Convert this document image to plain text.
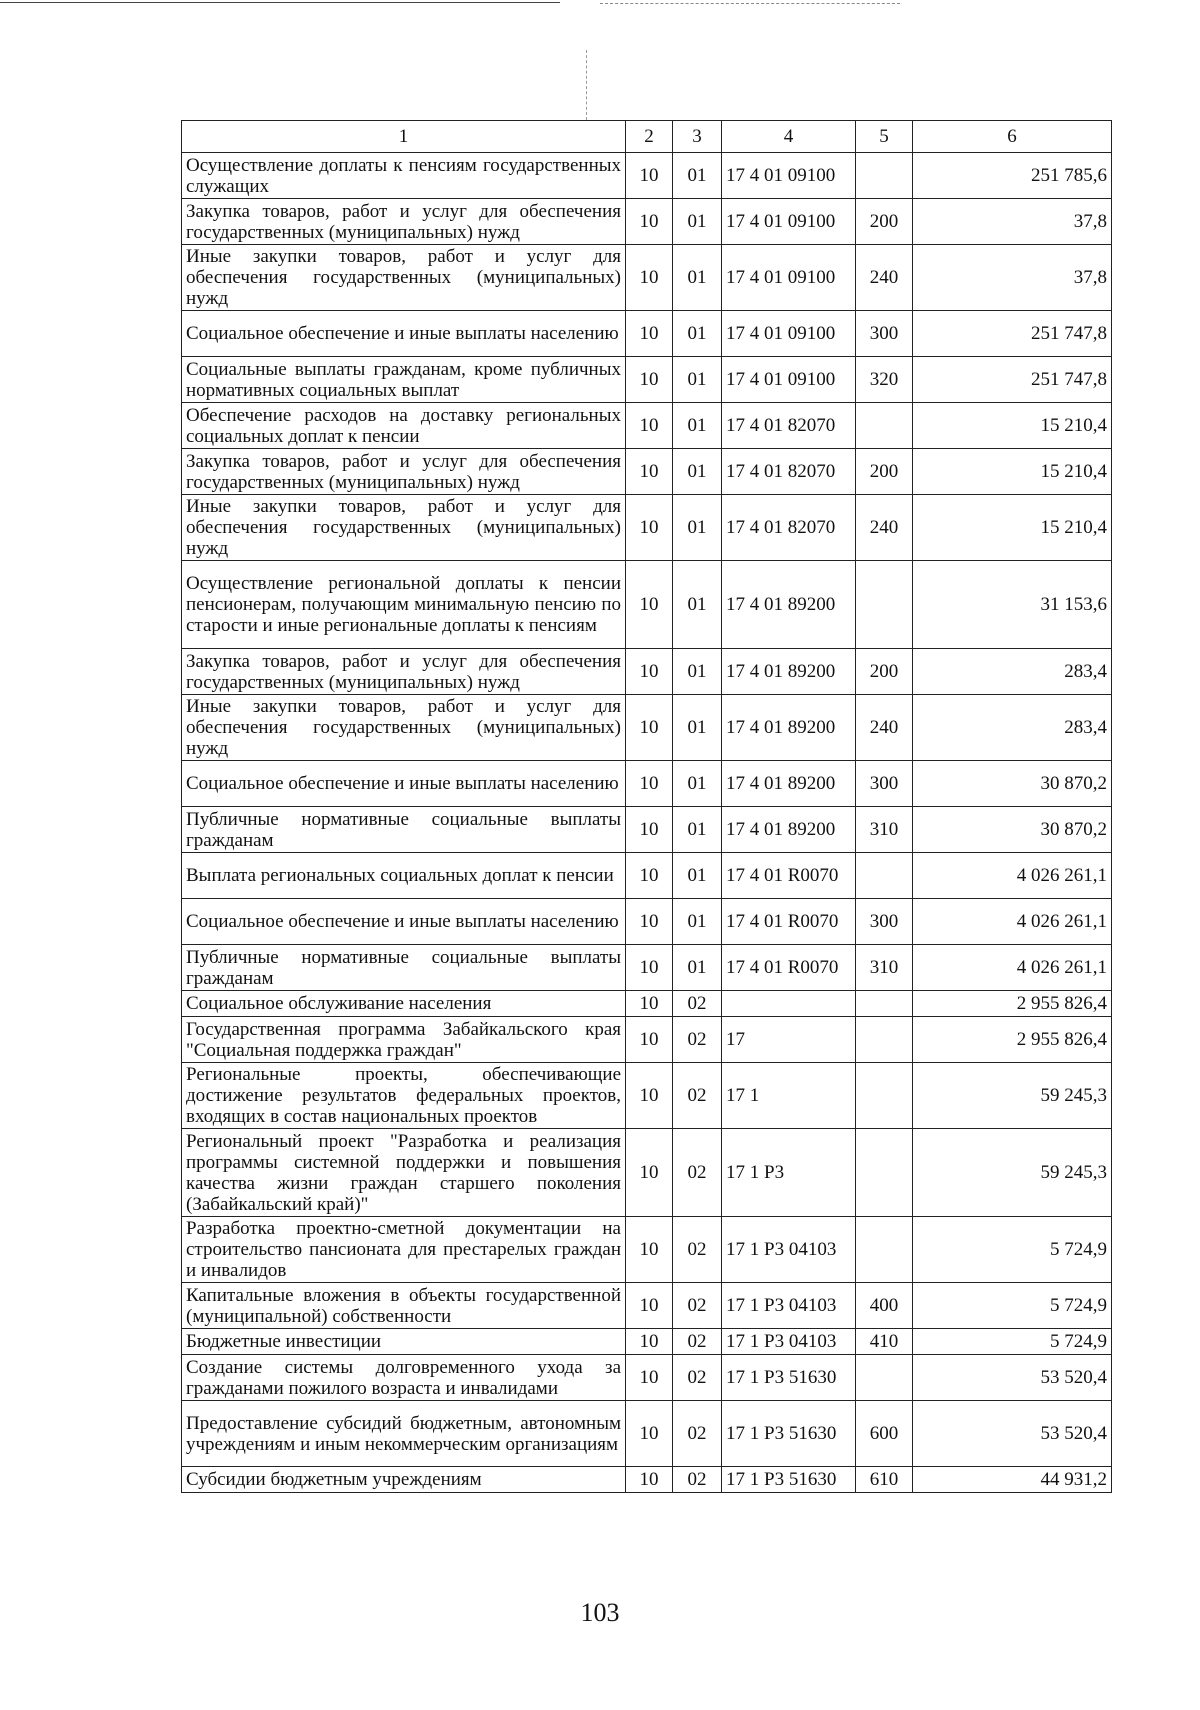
1	2	3	4	5	6
Осуществление доплаты к пенсиям государственных служащих	10	01	17 4 01 09100		251 785,6
Закупка товаров, работ и услуг для обеспечения государственных (муниципальных) нужд	10	01	17 4 01 09100	200	37,8
Иные закупки товаров, работ и услуг для обеспечения государственных (муниципальных) нужд	10	01	17 4 01 09100	240	37,8
Социальное обеспечение и иные выплаты населению	10	01	17 4 01 09100	300	251 747,8
Социальные выплаты гражданам, кроме публичных нормативных социальных выплат	10	01	17 4 01 09100	320	251 747,8
Обеспечение расходов на доставку региональных социальных доплат к пенсии	10	01	17 4 01 82070		15 210,4
Закупка товаров, работ и услуг для обеспечения государственных (муниципальных) нужд	10	01	17 4 01 82070	200	15 210,4
Иные закупки товаров, работ и услуг для обеспечения государственных (муниципальных) нужд	10	01	17 4 01 82070	240	15 210,4
Осуществление региональной доплаты к пенсии пенсионерам, получающим минимальную пенсию по старости и иные региональные доплаты к пенсиям	10	01	17 4 01 89200		31 153,6
Закупка товаров, работ и услуг для обеспечения государственных (муниципальных) нужд	10	01	17 4 01 89200	200	283,4
Иные закупки товаров, работ и услуг для обеспечения государственных (муниципальных) нужд	10	01	17 4 01 89200	240	283,4
Социальное обеспечение и иные выплаты населению	10	01	17 4 01 89200	300	30 870,2
Публичные нормативные социальные выплаты гражданам	10	01	17 4 01 89200	310	30 870,2
Выплата региональных социальных доплат к пенсии	10	01	17 4 01 R0070		4 026 261,1
Социальное обеспечение и иные выплаты населению	10	01	17 4 01 R0070	300	4 026 261,1
Публичные нормативные социальные выплаты гражданам	10	01	17 4 01 R0070	310	4 026 261,1
Социальное обслуживание населения	10	02			2 955 826,4
Государственная программа Забайкальского края "Социальная поддержка граждан"	10	02	17		2 955 826,4
Региональные проекты, обеспечивающие достижение результатов федеральных проектов, входящих в состав национальных проектов	10	02	17 1		59 245,3
Региональный проект "Разработка и реализация программы системной поддержки и повышения качества жизни граждан старшего поколения (Забайкальский край)"	10	02	17 1 Р3		59 245,3
Разработка проектно-сметной документации на строительство пансионата для престарелых граждан и инвалидов	10	02	17 1 Р3 04103		5 724,9
Капитальные вложения в объекты государственной (муниципальной) собственности	10	02	17 1 Р3 04103	400	5 724,9
Бюджетные инвестиции	10	02	17 1 Р3 04103	410	5 724,9
Создание системы долговременного ухода за гражданами пожилого возраста и инвалидами	10	02	17 1 Р3 51630		53 520,4
Предоставление субсидий бюджетным, автономным учреждениям и иным некоммерческим организациям	10	02	17 1 Р3 51630	600	53 520,4
Субсидии бюджетным учреждениям	10	02	17 1 Р3 51630	610	44 931,2
103
